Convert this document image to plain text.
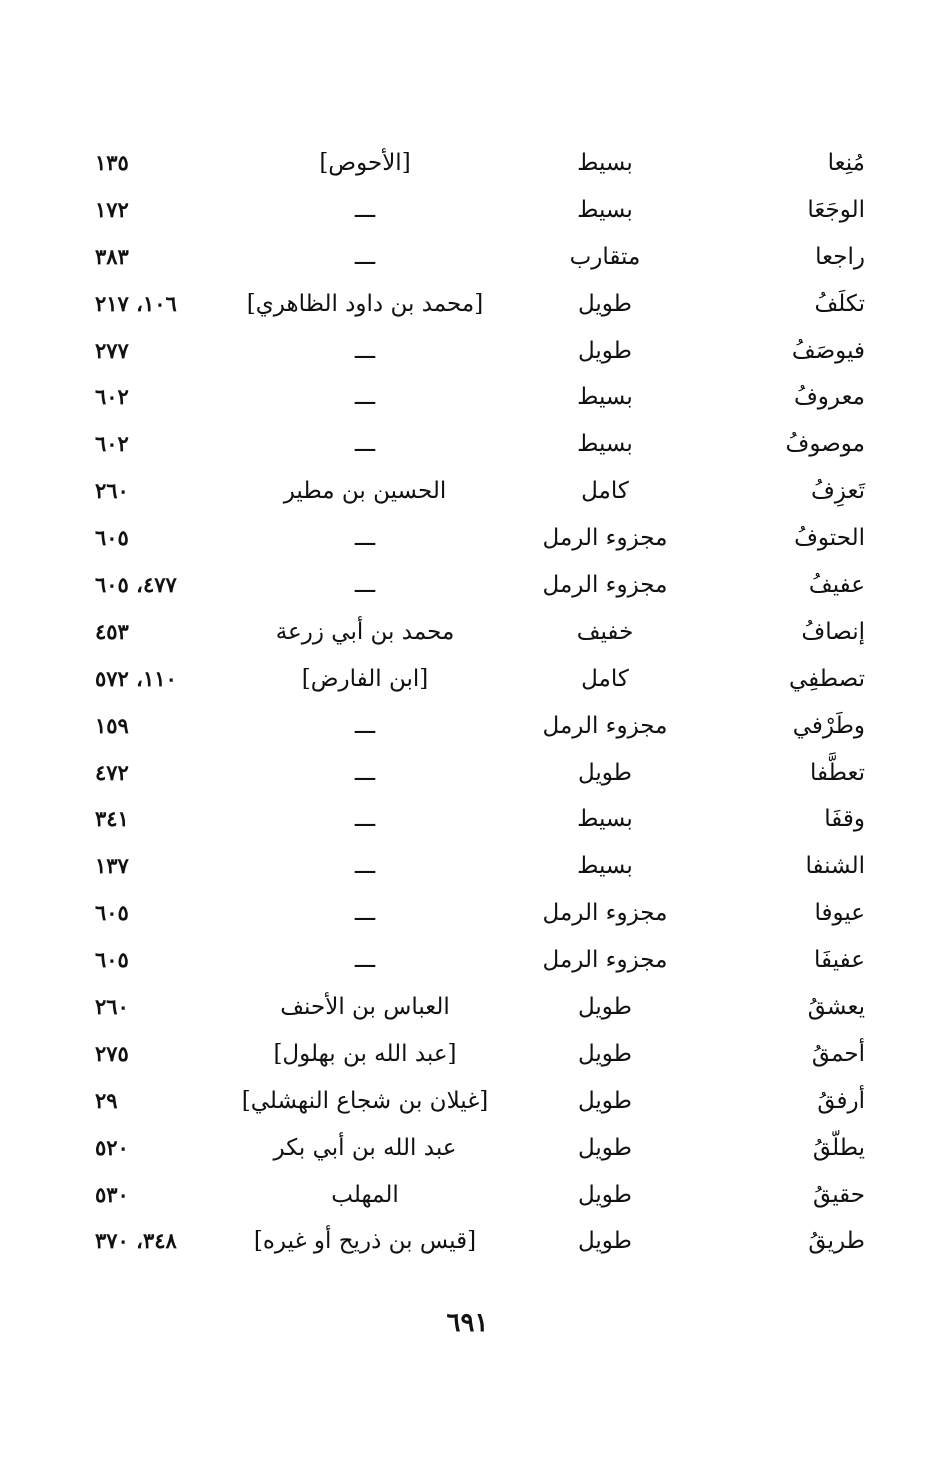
مُنِعا
بسيط
[الأحوص]
١٣٥
الوجَعَا
بسيط
ـــ
١٧٢
راجعا
متقارب
ـــ
٣٨٣
تكلَفُ
طويل
[محمد بن داود الظاهري]
١٠٦، ٢١٧
فيوصَفُ
طويل
ـــ
٢٧٧
معروفُ
بسيط
ـــ
٦٠٢
موصوفُ
بسيط
ـــ
٦٠٢
تَعزِفُ
كامل
الحسين بن مطير
٢٦٠
الحتوفُ
مجزوء الرمل
ـــ
٦٠٥
عفيفُ
مجزوء الرمل
ـــ
٤٧٧، ٦٠٥
إنصافُ
خفيف
محمد بن أبي زرعة
٤٥٣
تصطفِي
كامل
[ابن الفارض]
١١٠، ٥٧٢
وطَرْفي
مجزوء الرمل
ـــ
١٥٩
تعطَّفا
طويل
ـــ
٤٧٢
وقفَا
بسيط
ـــ
٣٤١
الشنفا
بسيط
ـــ
١٣٧
عيوفا
مجزوء الرمل
ـــ
٦٠٥
عفيفَا
مجزوء الرمل
ـــ
٦٠٥
يعشقُ
طويل
العباس بن الأحنف
٢٦٠
أحمقُ
طويل
[عبد الله بن بهلول]
٢٧٥
أرفقُ
طويل
[غيلان بن شجاع النهشلي]
٢٩
يطلّقُ
طويل
عبد الله بن أبي بكر
٥٢٠
حقيقُ
طويل
المهلب
٥٣٠
طريقُ
طويل
[قيس بن ذريح أو غيره]
٣٤٨، ٣٧٠
٦٩١
